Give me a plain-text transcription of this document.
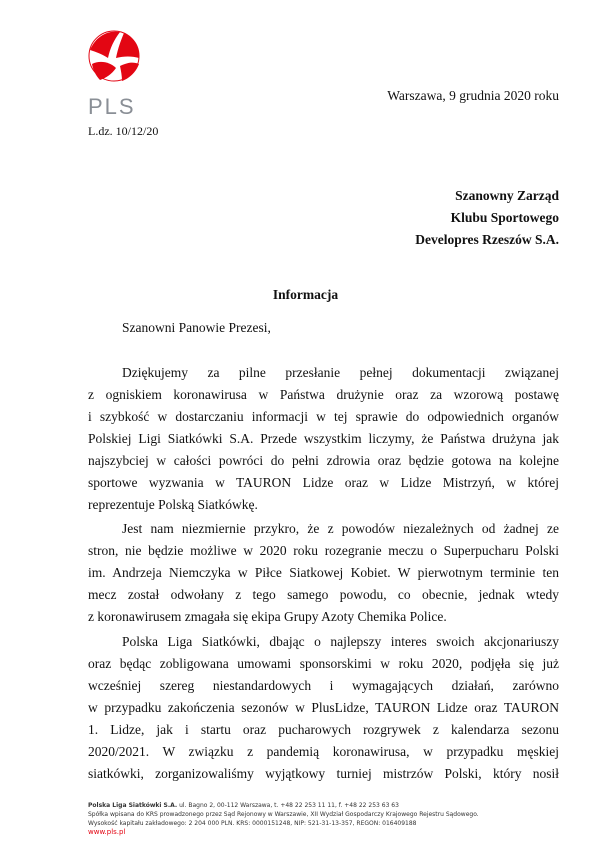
PLS
L.dz. 10/12/20
Warszawa, 9 grudnia 2020 roku
Szanowny Zarząd
Klubu Sportowego
Developres Rzeszów S.A.
Informacja
Szanowni Panowie Prezesi,
Dziękujemy za pilne przesłanie pełnej dokumentacji związanej
z ogniskiem koronawirusa w Państwa drużynie oraz za wzorową postawę
i szybkość w dostarczaniu informacji w tej sprawie do odpowiednich organów
Polskiej Ligi Siatkówki S.A. Przede wszystkim liczymy, że Państwa drużyna jak
najszybciej w całości powróci do pełni zdrowia oraz będzie gotowa na kolejne
sportowe wyzwania w TAURON Lidze oraz w Lidze Mistrzyń, w której
reprezentuje Polską Siatkówkę.
Jest nam niezmiernie przykro, że z powodów niezależnych od żadnej ze
stron, nie będzie możliwe w 2020 roku rozegranie meczu o Superpucharu Polski
im. Andrzeja Niemczyka w Piłce Siatkowej Kobiet. W pierwotnym terminie ten
mecz został odwołany z tego samego powodu, co obecnie, jednak wtedy
z koronawirusem zmagała się ekipa Grupy Azoty Chemika Police.
Polska Liga Siatkówki, dbając o najlepszy interes swoich akcjonariuszy
oraz będąc zobligowana umowami sponsorskimi w roku 2020, podjęła się już
wcześniej szereg niestandardowych i wymagających działań, zarówno
w przypadku zakończenia sezonów w PlusLidze, TAURON Lidze oraz TAURON
1. Lidze, jak i startu oraz pucharowych rozgrywek z kalendarza sezonu
2020/2021. W związku z pandemią koronawirusa, w przypadku męskiej
siatkówki, zorganizowaliśmy wyjątkowy turniej mistrzów Polski, który nosił
Polska Liga Siatkówki S.A. ul. Bagno 2, 00-112 Warszawa, t. +48 22 253 11 11, f. +48 22 253 63 63
Spółka wpisana do KRS prowadzonego przez Sąd Rejonowy w Warszawie, XII Wydział Gospodarczy Krajowego Rejestru Sądowego.
Wysokość kapitału zakładowego: 2 204 000 PLN. KRS: 0000151248, NIP: 521-31-13-357, REGON: 016409188
www.pls.pl
